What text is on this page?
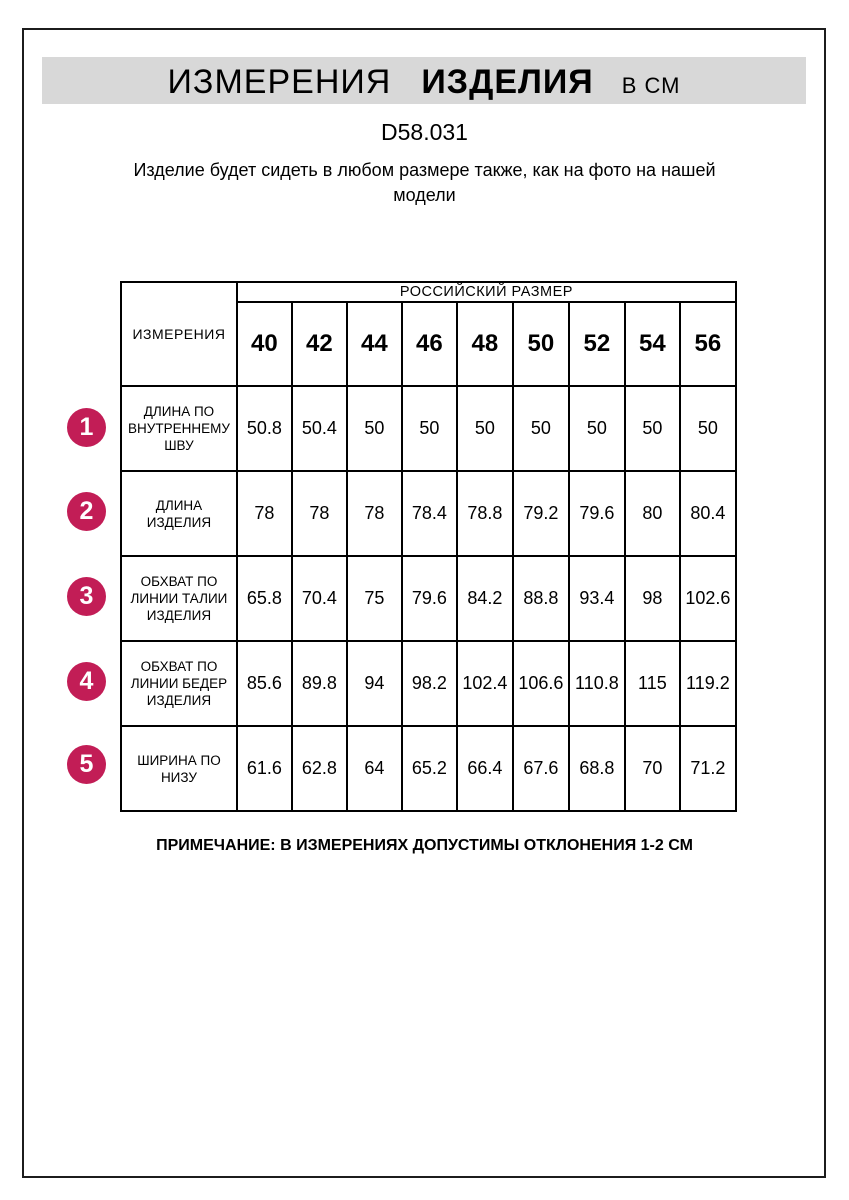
ИЗМЕРЕНИЯ ИЗДЕЛИЯ В СМ
D58.031
Изделие будет сидеть в любом размере также, как на фото на нашей модели
1
2
3
4
5
ИЗМЕРЕНИЯ	РОССИЙСКИЙ РАЗМЕР								
	40	42	44	46	48	50	52	54	56
ДЛИНА ПО ВНУТРЕННЕМУ ШВУ	50.8	50.4	50	50	50	50	50	50	50
ДЛИНА ИЗДЕЛИЯ	78	78	78	78.4	78.8	79.2	79.6	80	80.4
ОБХВАТ ПО ЛИНИИ ТАЛИИ ИЗДЕЛИЯ	65.8	70.4	75	79.6	84.2	88.8	93.4	98	102.6
ОБХВАТ ПО ЛИНИИ БЕДЕР ИЗДЕЛИЯ	85.6	89.8	94	98.2	102.4	106.6	110.8	115	119.2
ШИРИНА ПО НИЗУ	61.6	62.8	64	65.2	66.4	67.6	68.8	70	71.2
ПРИМЕЧАНИЕ: В ИЗМЕРЕНИЯХ ДОПУСТИМЫ ОТКЛОНЕНИЯ 1-2 СМ
